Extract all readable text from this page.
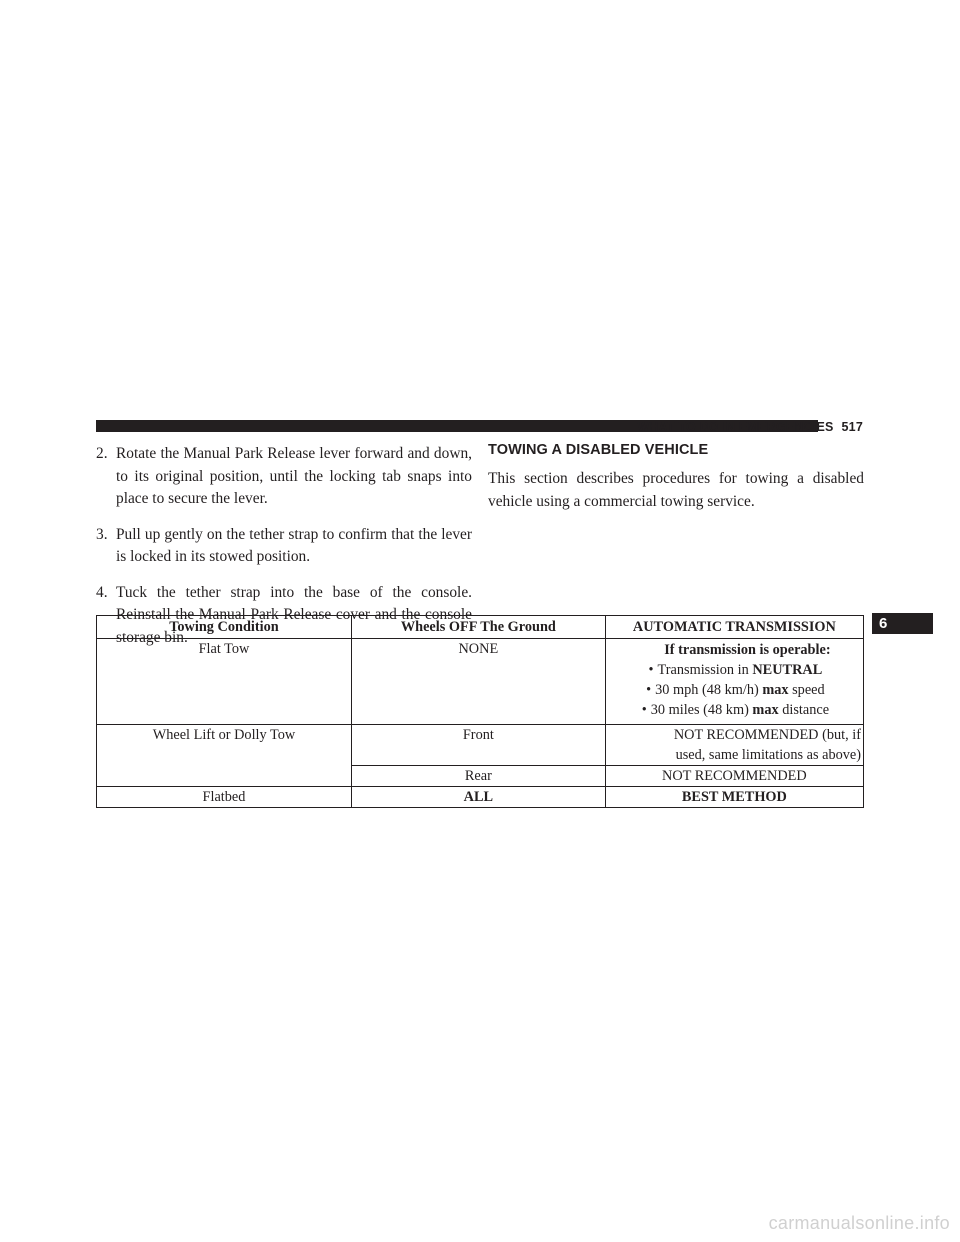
WHAT TO DO IN EMERGENCIES 517
2. Rotate the Manual Park Release lever forward and down, to its original position, until the locking tab snaps into place to secure the lever.
3. Pull up gently on the tether strap to confirm that the lever is locked in its stowed position.
4. Tuck the tether strap into the base of the console. Reinstall the Manual Park Release cover and the console storage bin.
TOWING A DISABLED VEHICLE

This section describes procedures for towing a disabled vehicle using a commercial towing service.

6
Towing Condition	Wheels OFF The Ground	AUTOMATIC TRANSMISSION
Flat Tow	NONE	If transmission is operable:
• Transmission in NEUTRAL
• 30 mph (48 km/h) max speed
• 30 miles (48 km) max distance

Wheel Lift or Dolly Tow	Front	NOT RECOMMENDED (but, if
used, same limitations as above)

	Rear	NOT RECOMMENDED
Flatbed	ALL	BEST METHOD
carmanualsonline.info
